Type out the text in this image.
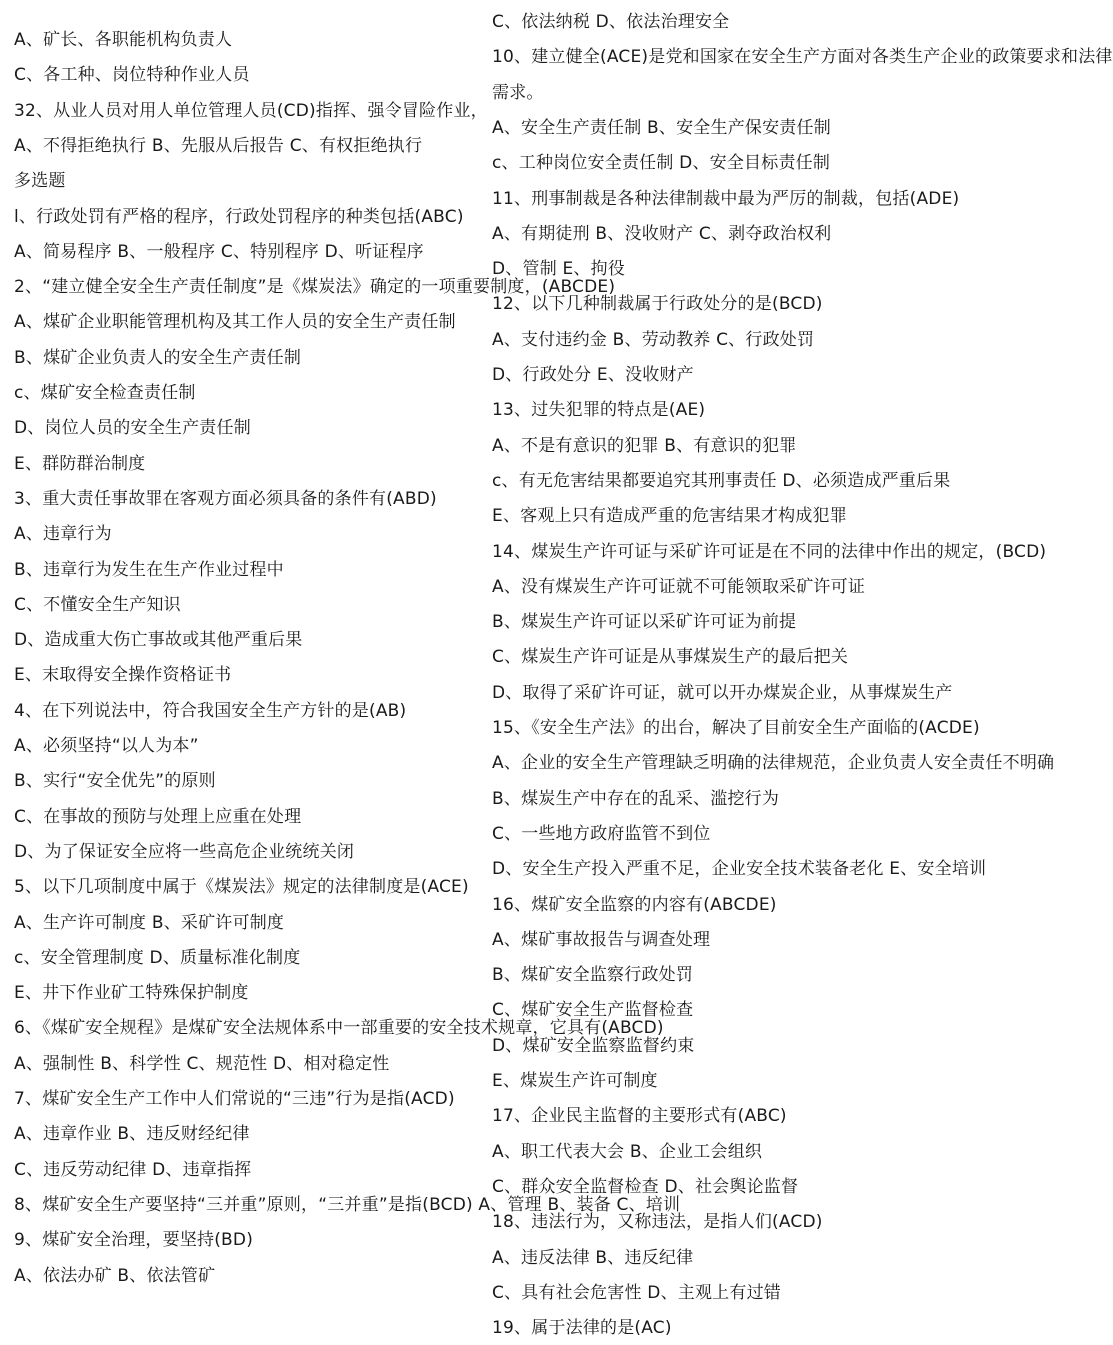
A、矿长、各职能机构负责人
C、各工种、岗位特种作业人员
32、从业人员对用人单位管理人员(CD)指挥、强令冒险作业，
A、不得拒绝执行 B、先服从后报告 C、有权拒绝执行
多选题
l、行政处罚有严格的程序，行政处罚程序的种类包括(ABC)
A、简易程序 B、一般程序 C、特别程序 D、听证程序
2、“建立健全安全生产责任制度”是《煤炭法》确定的一项重要制度，(ABCDE)
A、煤矿企业职能管理机构及其工作人员的安全生产责任制
B、煤矿企业负责人的安全生产责任制
c、煤矿安全检查责任制
D、岗位人员的安全生产责任制
E、群防群治制度
3、重大责任事故罪在客观方面必须具备的条件有(ABD)
A、违章行为
B、违章行为发生在生产作业过程中
C、不懂安全生产知识
D、造成重大伤亡事故或其他严重后果
E、末取得安全操作资格证书
4、在下列说法中，符合我国安全生产方针的是(AB)
A、必须坚持“以人为本”
B、实行“安全优先”的原则
C、在事故的预防与处理上应重在处理
D、为了保证安全应将一些高危企业统统关闭
5、以下几项制度中属于《煤炭法》规定的法律制度是(ACE)
A、生产许可制度 B、采矿许可制度
c、安全管理制度 D、质量标准化制度
E、井下作业矿工特殊保护制度
6、《煤矿安全规程》是煤矿安全法规体系中一部重要的安全技术规章，它具有(ABCD)
A、强制性 B、科学性 C、规范性 D、相对稳定性
7、煤矿安全生产工作中人们常说的“三违”行为是指(ACD)
A、违章作业 B、违反财经纪律
C、违反劳动纪律 D、违章指挥
8、煤矿安全生产要坚持“三并重”原则，“三并重”是指(BCD) A、管理 B、装备 C、培训
9、煤矿安全治理，要坚持(BD)
A、依法办矿 B、依法管矿
C、依法纳税 D、依法治理安全
10、建立健全(ACE)是党和国家在安全生产方面对各类生产企业的政策要求和法律
需求。
A、安全生产责任制 B、安全生产保安责任制
c、工种岗位安全责任制 D、安全目标责任制
11、刑事制裁是各种法律制裁中最为严厉的制裁，包括(ADE)
A、有期徒刑 B、没收财产 C、剥夺政治权利
D、管制 E、拘役
12、以下几种制裁属于行政处分的是(BCD)
A、支付违约金 B、劳动教养 C、行政处罚
D、行政处分 E、没收财产
13、过失犯罪的特点是(AE)
A、不是有意识的犯罪 B、有意识的犯罪
c、有无危害结果都要追究其刑事责任 D、必须造成严重后果
E、客观上只有造成严重的危害结果才构成犯罪
14、煤炭生产许可证与采矿许可证是在不同的法律中作出的规定，(BCD)
A、没有煤炭生产许可证就不可能领取采矿许可证
B、煤炭生产许可证以采矿许可证为前提
C、煤炭生产许可证是从事煤炭生产的最后把关
D、取得了采矿许可证，就可以开办煤炭企业，从事煤炭生产
15、《安全生产法》的出台，解决了目前安全生产面临的(ACDE)
A、企业的安全生产管理缺乏明确的法律规范，企业负责人安全责任不明确
B、煤炭生产中存在的乱采、滥挖行为
C、一些地方政府监管不到位
D、安全生产投入严重不足，企业安全技术装备老化 E、安全培训
16、煤矿安全监察的内容有(ABCDE)
A、煤矿事故报告与调查处理
B、煤矿安全监察行政处罚
C、煤矿安全生产监督检查
D、煤矿安全监察监督约束
E、煤炭生产许可制度
17、企业民主监督的主要形式有(ABC)
A、职工代表大会 B、企业工会组织
C、群众安全监督检查 D、社会舆论监督
18、违法行为，又称违法，是指人们(ACD)
A、违反法律 B、违反纪律
C、具有社会危害性 D、主观上有过错
19、属于法律的是(AC)
